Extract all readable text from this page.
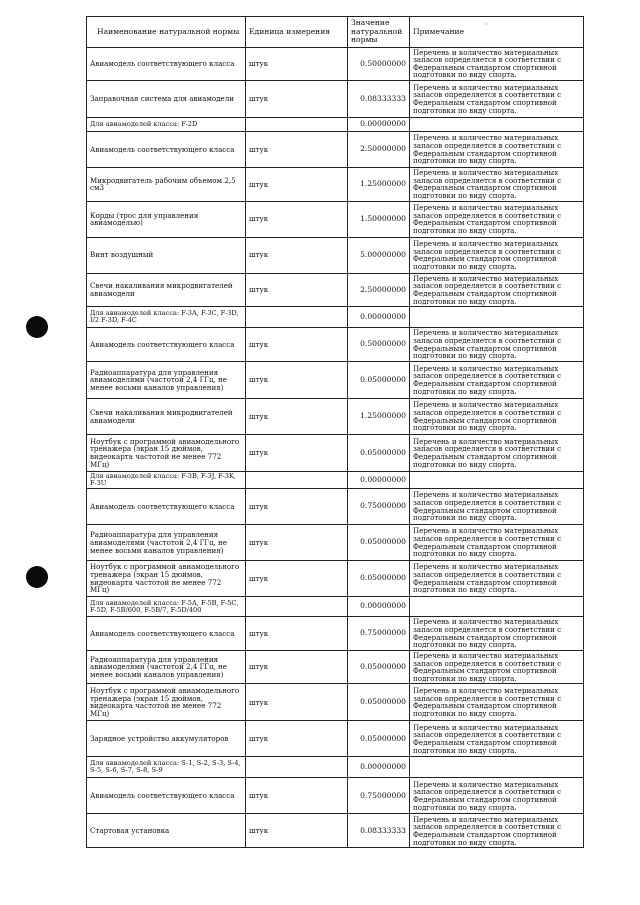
·
Наименование натуральной нормы	Единица измерения	Значение натуральной нормы	Примечание
Авиамодель соответствующего класса	штук	0.50000000	Перечень и количество материальных запасов определяется в соответствии с Федеральным стандартом спортивной подготовки по виду спорта.
Заправочная система для авиамодели	штук	0.08333333	Перечень и количество материальных запасов определяется в соответствии с Федеральным стандартом спортивной подготовки по виду спорта.
Для авиамоделей класса: F-2D		0.00000000	
Авиамодель соответствующего класса	штук	2.50000000	Перечень и количество материальных запасов определяется в соответствии с Федеральным стандартом спортивной подготовки по виду спорта.
Микродвигатель рабочим объемом 2,5 см3	штук	1.25000000	Перечень и количество материальных запасов определяется в соответствии с Федеральным стандартом спортивной подготовки по виду спорта.
Корды (трос для управления авиамоделью)	штук	1.50000000	Перечень и количество материальных запасов определяется в соответствии с Федеральным стандартом спортивной подготовки по виду спорта.
Винт воздушный	штук	5.00000000	Перечень и количество материальных запасов определяется в соответствии с Федеральным стандартом спортивной подготовки по виду спорта.
Свечи накаливания микродвигателей авиамодели	штук	2.50000000	Перечень и количество материальных запасов определяется в соответствии с Федеральным стандартом спортивной подготовки по виду спорта.
Для авиамоделей класса: F-3A, F-3C, F-3D, I/2 F-3D, F-4C		0.00000000	
Авиамодель соответствующего класса	штук	0.50000000	Перечень и количество материальных запасов определяется в соответствии с Федеральным стандартом спортивной подготовки по виду спорта.
Радиоаппаратура для управления авиамоделями (частотой 2,4 ГГц, не менее восьми каналов управления)	штук	0.05000000	Перечень и количество материальных запасов определяется в соответствии с Федеральным стандартом спортивной подготовки по виду спорта.
Свечи накаливания микродвигателей авиамодели	штук	1.25000000	Перечень и количество материальных запасов определяется в соответствии с Федеральным стандартом спортивной подготовки по виду спорта.
Ноутбук с программой авиамодельного тренажера (экран 15 дюймов, видеокарта частотой не менее 772 МГц)	штук	0.05000000	Перечень и количество материальных запасов определяется в соответствии с Федеральным стандартом спортивной подготовки по виду спорта.
Для авиамоделей класса: F-3B, F-3J, F-3K, F-3U		0.00000000	
Авиамодель соответствующего класса	штук	0.75000000	Перечень и количество материальных запасов определяется в соответствии с Федеральным стандартом спортивной подготовки по виду спорта.
Радиоаппаратура для управления авиамоделями (частотой 2,4 ГГц, не менее восьми каналов управления)	штук	0.05000000	Перечень и количество материальных запасов определяется в соответствии с Федеральным стандартом спортивной подготовки по виду спорта.
Ноутбук с программой авиамодельного тренажера (экран 15 дюймов, видеокарта частотой не менее 772 МГц)	штук	0.05000000	Перечень и количество материальных запасов определяется в соответствии с Федеральным стандартом спортивной подготовки по виду спорта.
Для авиамоделей класса: F-5A, F-5B, F-5C, F-5D, F-5B/600, F-5B/7, F-5D/400		0.00000000	
Авиамодель соответствующего класса	штук	0.75000000	Перечень и количество материальных запасов определяется в соответствии с Федеральным стандартом спортивной подготовки по виду спорта.
Радиоаппаратура для управления авиамоделями (частотой 2,4 ГГц, не менее восьми каналов управления)	штук	0.05000000	Перечень и количество материальных запасов определяется в соответствии с Федеральным стандартом спортивной подготовки по виду спорта.
Ноутбук с программой авиамодельного тренажера (экран 15 дюймов, видеокарта частотой не менее 772 МГц)	штук	0.05000000	Перечень и количество материальных запасов определяется в соответствии с Федеральным стандартом спортивной подготовки по виду спорта.
Зарядное устройство аккумуляторов	штук	0.05000000	Перечень и количество материальных запасов определяется в соответствии с Федеральным стандартом спортивной подготовки по виду спорта.
Для авиамоделей класса: S-1, S-2, S-3, S-4, S-5, S-6, S-7, S-8, S-9		0.00000000	
Авиамодель соответствующего класса	штук	0.75000000	Перечень и количество материальных запасов определяется в соответствии с Федеральным стандартом спортивной подготовки по виду спорта.
Стартовая установка	штук	0.08333333	Перечень и количество материальных запасов определяется в соответствии с Федеральным стандартом спортивной подготовки по виду спорта.
